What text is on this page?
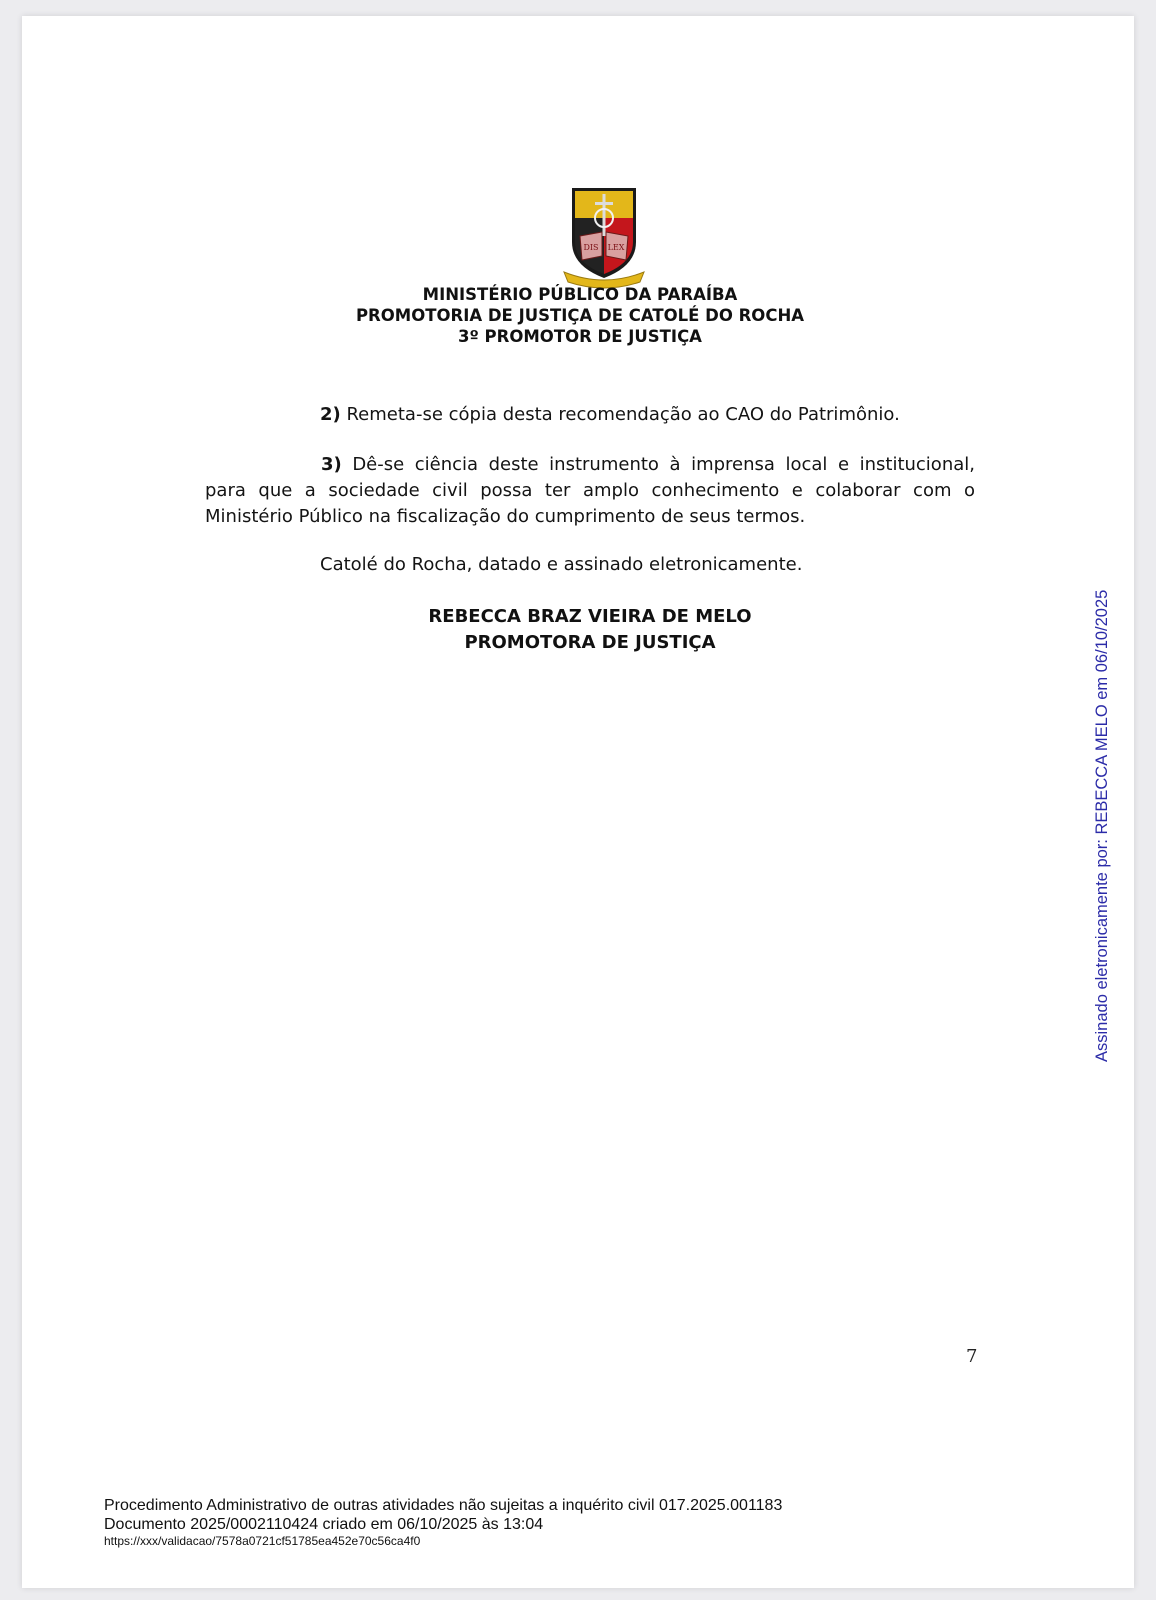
DIS LEX
MINISTÉRIO PÚBLICO DA PARAÍBA
PROMOTORIA DE JUSTIÇA DE CATOLÉ DO ROCHA
3º PROMOTOR DE JUSTIÇA
2) Remeta-se cópia desta recomendação ao CAO do Patrimônio.
3) Dê-se ciência deste instrumento à imprensa local e institucional, para que a sociedade civil possa ter amplo conhecimento e colaborar com o Ministério Público na fiscalização do cumprimento de seus termos.
Catolé do Rocha, datado e assinado eletronicamente.
REBECCA BRAZ VIEIRA DE MELO
PROMOTORA DE JUSTIÇA
7
Assinado eletronicamente por: REBECCA MELO em 06/10/2025
Procedimento Administrativo de outras atividades não sujeitas a inquérito civil 017.2025.001183
Documento 2025/0002110424 criado em 06/10/2025 às 13:04
https://xxx/validacao/7578a0721cf51785ea452e70c56ca4f0
